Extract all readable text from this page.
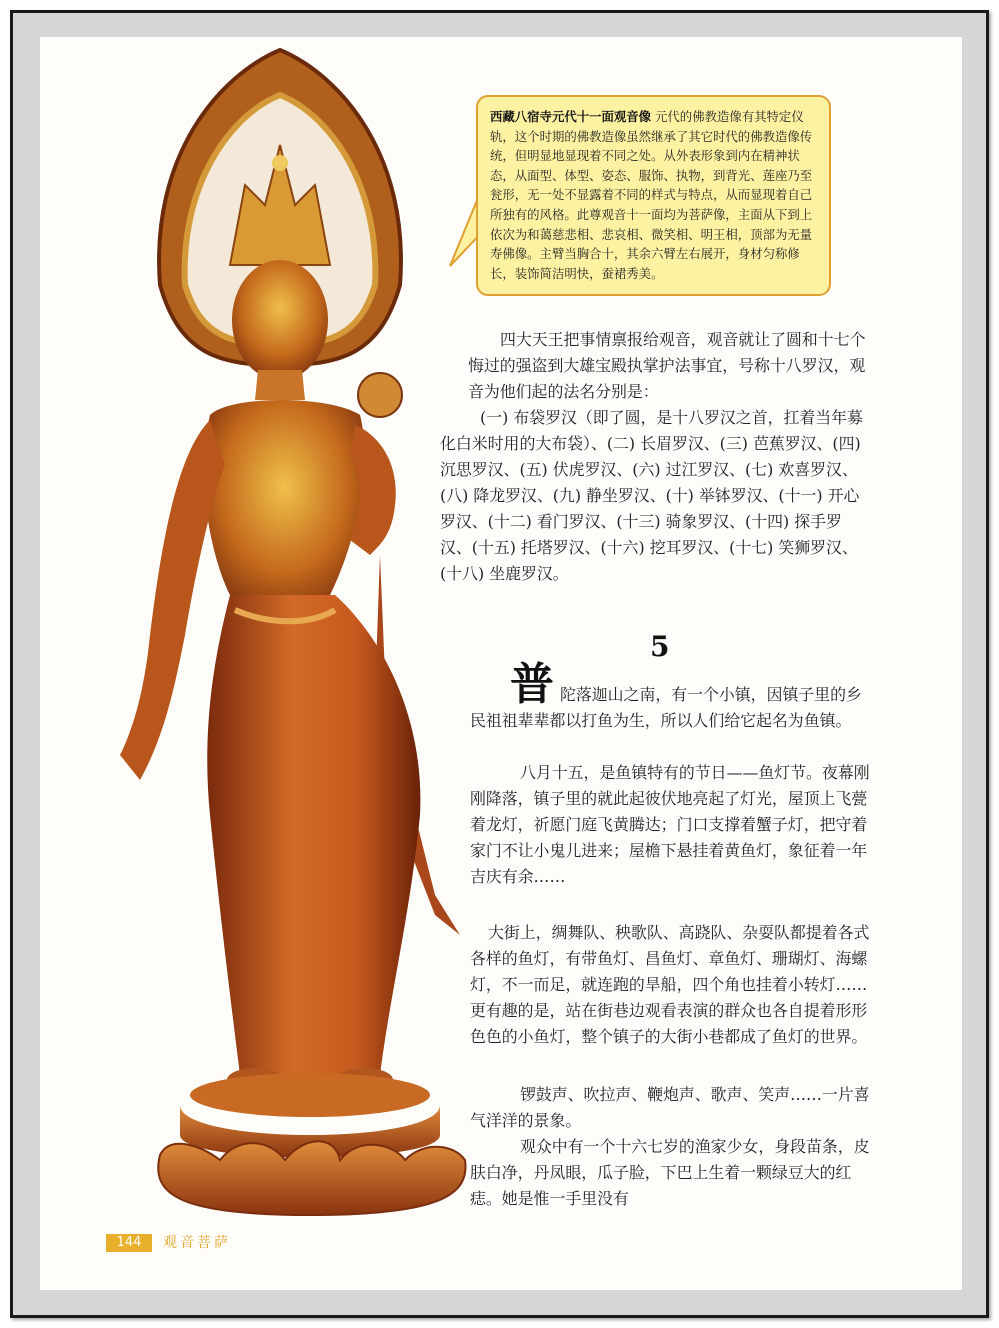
西藏八宿寺元代十一面观音像 元代的佛教造像有其特定仪轨，这个时期的佛教造像虽然继承了其它时代的佛教造像传统，但明显地显现着不同之处。从外表形象到内在精神状态，从面型、体型、姿态、服饰、执物，到背光、莲座乃至瓮形，无一处不显露着不同的样式与特点，从而显现着自己所独有的风格。此尊观音十一面均为菩萨像，主面从下到上依次为和蔼慈悲相、悲哀相、微笑相、明王相，顶部为无量寿佛像。主臂当胸合十，其余六臂左右展开，身材匀称修长，装饰简洁明快，蚕裙秀美。
四大天王把事情禀报给观音，观音就让了圆和十七个悔过的强盗到大雄宝殿执掌护法事宜，号称十八罗汉，观音为他们起的法名分别是：
(一) 布袋罗汉（即了圆，是十八罗汉之首，扛着当年募化白米时用的大布袋）、(二) 长眉罗汉、(三) 芭蕉罗汉、(四) 沉思罗汉、(五) 伏虎罗汉、(六) 过江罗汉、(七) 欢喜罗汉、(八) 降龙罗汉、(九) 静坐罗汉、(十) 举钵罗汉、(十一) 开心罗汉、(十二) 看门罗汉、(十三) 骑象罗汉、(十四) 探手罗汉、(十五) 托塔罗汉、(十六) 挖耳罗汉、(十七) 笑狮罗汉、(十八) 坐鹿罗汉。
5
普 陀落迦山之南，有一个小镇，因镇子里的乡民祖祖辈辈都以打鱼为生，所以人们给它起名为鱼镇。
八月十五，是鱼镇特有的节日——鱼灯节。夜幕刚刚降落，镇子里的就此起彼伏地亮起了灯光，屋顶上飞甍着龙灯，祈愿门庭飞黄腾达；门口支撑着蟹子灯，把守着家门不让小鬼儿进来；屋檐下悬挂着黄鱼灯，象征着一年吉庆有余……
大街上，绸舞队、秧歌队、高跷队、杂耍队都提着各式各样的鱼灯，有带鱼灯、昌鱼灯、章鱼灯、珊瑚灯、海螺灯，不一而足，就连跑的旱船，四个角也挂着小转灯……更有趣的是，站在街巷边观看表演的群众也各自提着形形色色的小鱼灯，整个镇子的大街小巷都成了鱼灯的世界。
锣鼓声、吹拉声、鞭炮声、歌声、笑声……一片喜气洋洋的景象。
观众中有一个十六七岁的渔家少女，身段苗条，皮肤白净，丹凤眼，瓜子脸，下巴上生着一颗绿豆大的红痣。她是惟一手里没有
144	观音菩萨
